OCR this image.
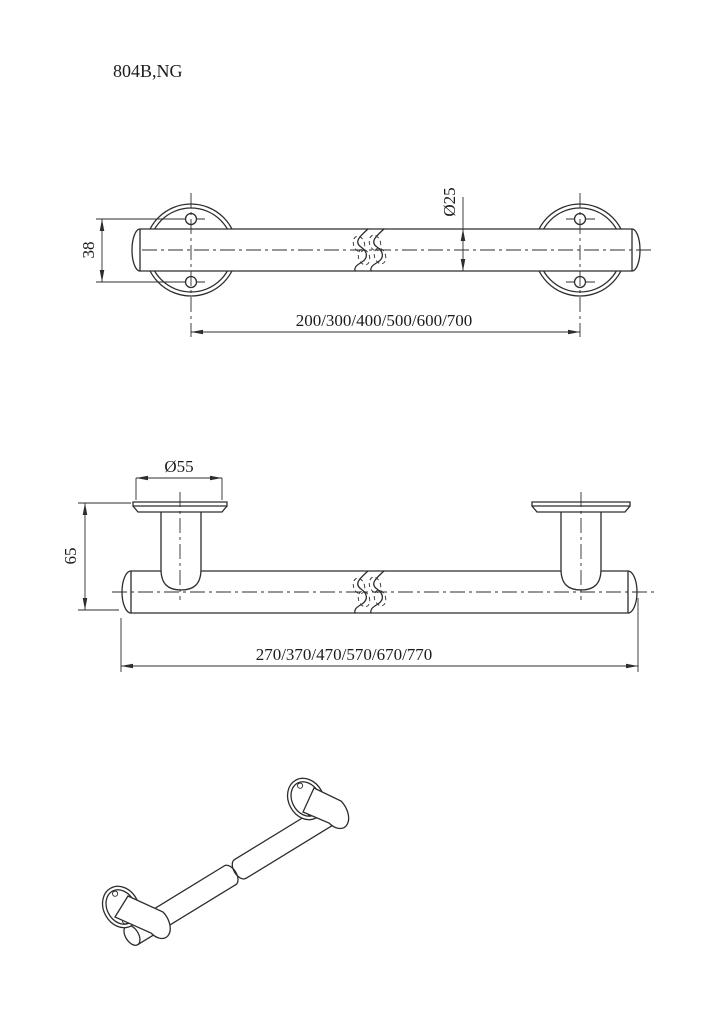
804B,NG
38
Ø25
200/300/400/500/600/700
Ø55
65
270/370/470/570/670/770
